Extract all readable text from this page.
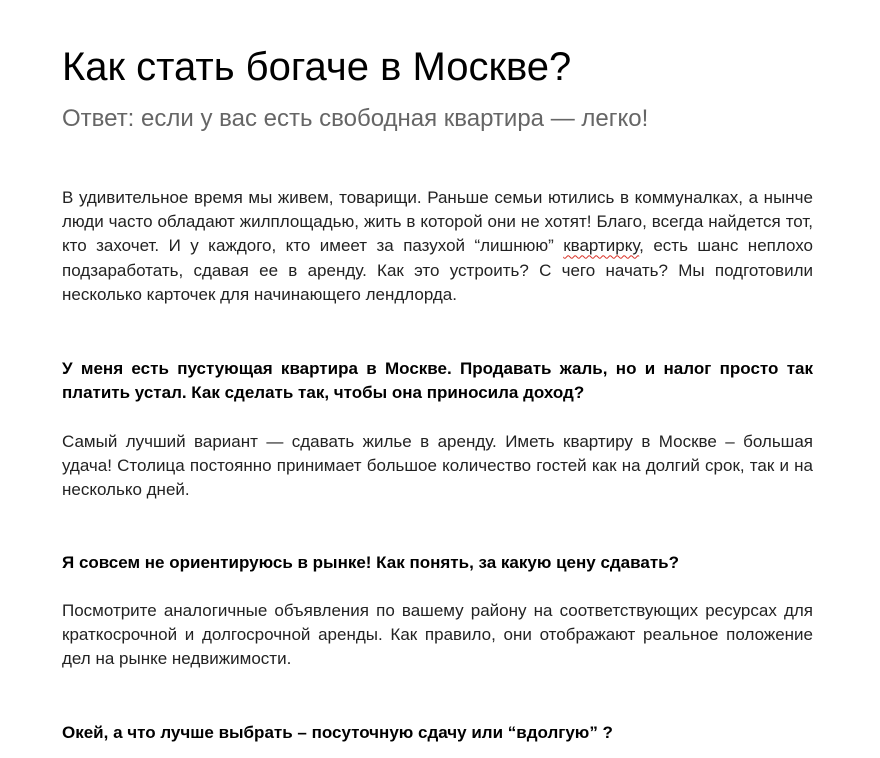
Как стать богаче в Москве?
Ответ: если у вас есть свободная квартира — легко!

В удивительное время мы живем, товарищи. Раньше семьи ютились в коммуналках, а нынче люди часто обладают жилплощадью, жить в которой они не хотят! Благо, всегда найдется тот, кто захочет. И у каждого, кто имеет за пазухой “лишнюю” квартирку, есть шанс неплохо подзаработать, сдавая ее в аренду. Как это устроить? С чего начать? Мы подготовили несколько карточек для начинающего лендлорда.

У меня есть пустующая квартира в Москве. Продавать жаль, но и налог просто так платить устал. Как сделать так, чтобы она приносила доход?

Самый лучший вариант — сдавать жилье в аренду. Иметь квартиру в Москве – большая удача! Столица постоянно принимает большое количество гостей как на долгий срок, так и на несколько дней.

Я совсем не ориентируюсь в рынке! Как понять, за какую цену сдавать?

Посмотрите аналогичные объявления по вашему району на соответствующих ресурсах для краткосрочной и долгосрочной аренды. Как правило, они отображают реальное положение дел на рынке недвижимости.

Окей, а что лучше выбрать – посуточную сдачу или “вдолгую” ?
